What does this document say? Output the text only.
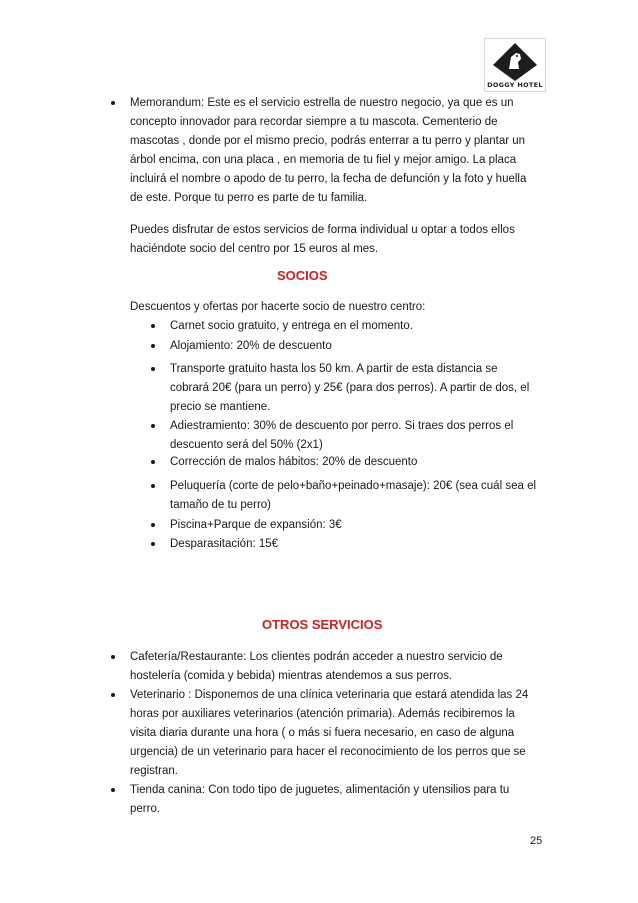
DOGGY HOTEL
Memorandum: Este es el servicio estrella de nuestro negocio, ya que es un
concepto innovador para recordar siempre a tu mascota. Cementerio de
mascotas , donde por el mismo precio, podrás enterrar a tu perro y plantar un
árbol encima, con una placa , en memoria de tu fiel y mejor amigo. La placa
incluirá el nombre o apodo de tu perro, la fecha de defunción y la foto y huella
de este. Porque tu perro es parte de tu familia.
Puedes disfrutar de estos servicios de forma individual u optar a todos ellos
haciéndote socio del centro por 15 euros al mes.
SOCIOS
Descuentos y ofertas por hacerte socio de nuestro centro:
Carnet socio gratuito, y entrega en el momento.
Alojamiento: 20% de descuento
Transporte gratuito hasta los 50 km. A partir de esta distancia se
cobrará 20€ (para un perro) y 25€ (para dos perros). A partir de dos, el
precio se mantiene.
Adiestramiento: 30% de descuento por perro. Si traes dos perros el
descuento será del 50% (2x1)
Corrección de malos hábitos: 20% de descuento
Peluquería (corte de pelo+baño+peinado+masaje): 20€ (sea cuál sea el
tamaño de tu perro)
Piscina+Parque de expansión: 3€
Desparasitación: 15€
OTROS SERVICIOS
Cafetería/Restaurante: Los clientes podrán acceder a nuestro servicio de
hostelería (comida y bebida) mientras atendemos a sus perros.
Veterinario : Disponemos de una clínica veterinaria que estará atendida las 24
horas por auxiliares veterinarios (atención primaria). Además recibiremos la
visita diaria durante una hora ( o más si fuera necesario, en caso de alguna
urgencia) de un veterinario para hacer el reconocimiento de los perros que se
registran.
Tienda canina: Con todo tipo de juguetes, alimentación y utensilios para tu
perro.
25
